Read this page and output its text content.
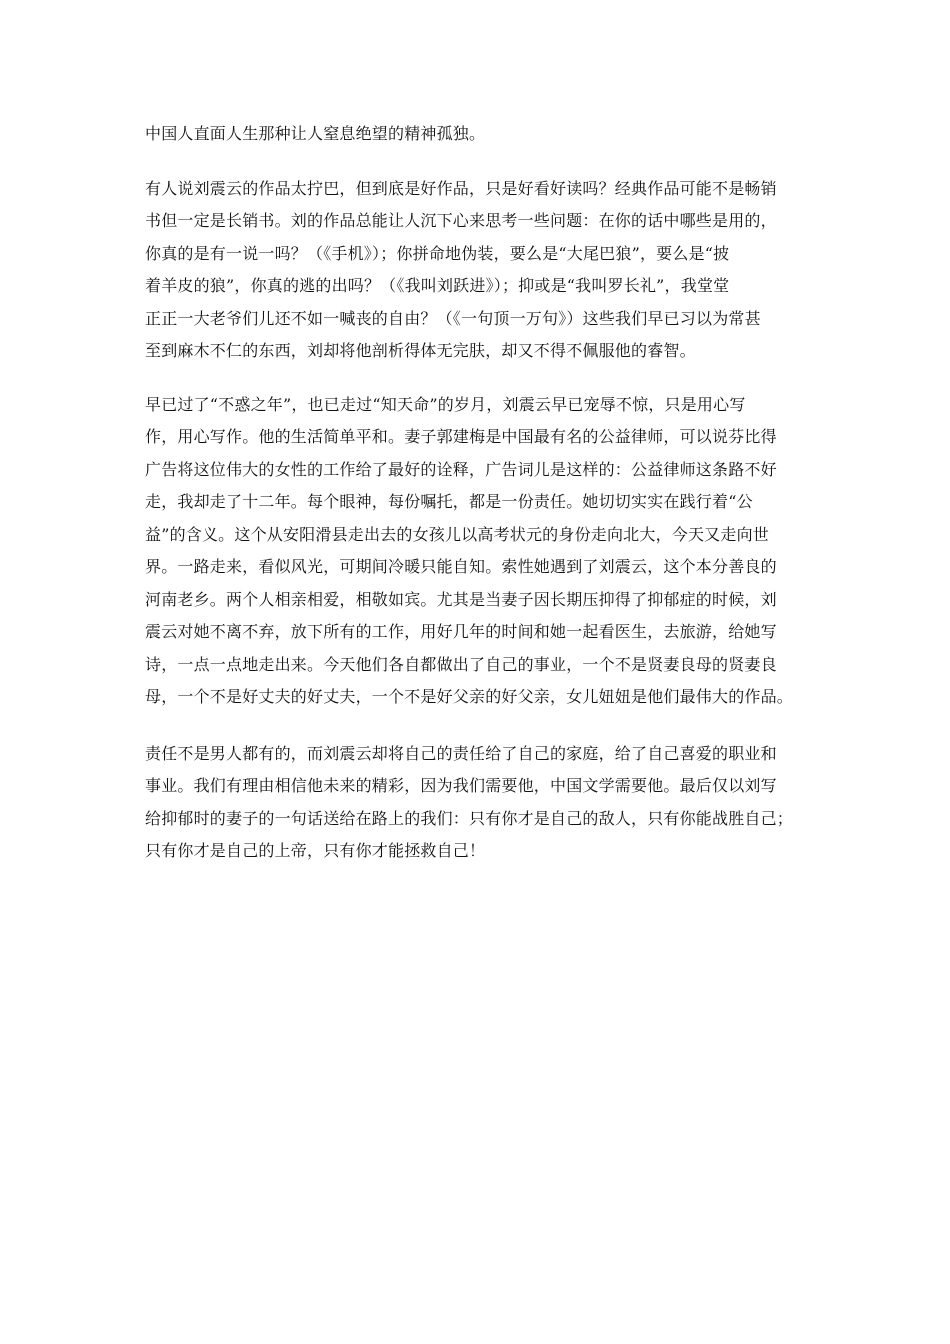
中国人直面人生那种让人窒息绝望的精神孤独。

有人说刘震云的作品太拧巴，但到底是好作品，只是好看好读吗？经典作品可能不是畅销
书但一定是长销书。刘的作品总能让人沉下心来思考一些问题：在你的话中哪些是用的，
你真的是有一说一吗？（《手机》）；你拼命地伪装，要么是“大尾巴狼”，要么是“披
着羊皮的狼”，你真的逃的出吗？（《我叫刘跃进》）；抑或是“我叫罗长礼”，我堂堂
正正一大老爷们儿还不如一喊丧的自由？（《一句顶一万句》）这些我们早已习以为常甚
至到麻木不仁的东西，刘却将他剖析得体无完肤，却又不得不佩服他的睿智。

早已过了“不惑之年”，也已走过“知天命”的岁月，刘震云早已宠辱不惊，只是用心写
作，用心写作。他的生活简单平和。妻子郭建梅是中国最有名的公益律师，可以说芬比得
广告将这位伟大的女性的工作给了最好的诠释，广告词儿是这样的：公益律师这条路不好
走，我却走了十二年。每个眼神，每份嘱托，都是一份责任。她切切实实在践行着“公
益”的含义。这个从安阳滑县走出去的女孩儿以高考状元的身份走向北大，今天又走向世
界。一路走来，看似风光，可期间冷暖只能自知。索性她遇到了刘震云，这个本分善良的
河南老乡。两个人相亲相爱，相敬如宾。尤其是当妻子因长期压抑得了抑郁症的时候，刘
震云对她不离不弃，放下所有的工作，用好几年的时间和她一起看医生，去旅游，给她写
诗，一点一点地走出来。今天他们各自都做出了自己的事业，一个不是贤妻良母的贤妻良
母，一个不是好丈夫的好丈夫，一个不是好父亲的好父亲，女儿妞妞是他们最伟大的作品。

责任不是男人都有的，而刘震云却将自己的责任给了自己的家庭，给了自己喜爱的职业和
事业。我们有理由相信他未来的精彩，因为我们需要他，中国文学需要他。最后仅以刘写
给抑郁时的妻子的一句话送给在路上的我们：只有你才是自己的敌人，只有你能战胜自己；
只有你才是自己的上帝，只有你才能拯救自己！
